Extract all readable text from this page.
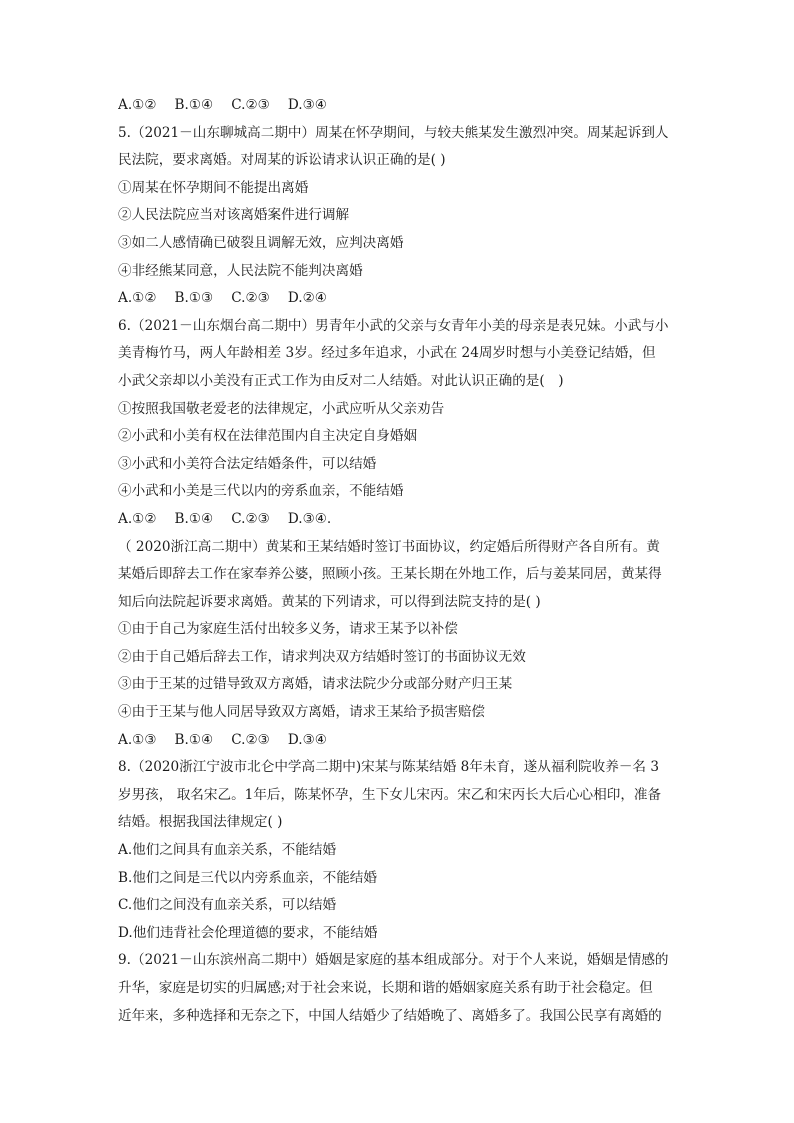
A.①② B.①④ C.②③ D.③④
5.（2021－山东聊城高二期中）周某在怀孕期间，与较夫熊某发生激烈冲突。周某起诉到人
民法院，要求离婚。对周某的诉讼请求认识正确的是( )
①周某在怀孕期间不能提出离婚
②人民法院应当对该离婚案件进行调解
③如二人感情确已破裂且调解无效，应判决离婚
④非经熊某同意，人民法院不能判决离婚
A.①② B.①③ C.②③ D.②④
6.（2021－山东烟台高二期中）男青年小武的父亲与女青年小美的母亲是表兄妹。小武与小
美青梅竹马，两人年龄相差 3岁。经过多年追求，小武在 24周岁时想与小美登记结婚，但
小武父亲却以小美没有正式工作为由反对二人结婚。对此认识正确的是(　)
①按照我国敬老爱老的法律规定，小武应听从父亲劝告
②小武和小美有权在法律范围内自主决定自身婚姻
③小武和小美符合法定结婚条件，可以结婚
④小武和小美是三代以内的旁系血亲，不能结婚
A.①② B.①④ C.②③ D.③④.
（ 2020浙江高二期中）黄某和王某结婚时签订书面协议，约定婚后所得财产各自所有。黄
某婚后即辞去工作在家奉养公婆，照顾小孩。王某长期在外地工作，后与姜某同居，黄某得
知后向法院起诉要求离婚。黄某的下列请求，可以得到法院支持的是( )
①由于自己为家庭生活付出较多义务，请求王某予以补偿
②由于自己婚后辞去工作，请求判决双方结婚时签订的书面协议无效
③由于王某的过错导致双方离婚，请求法院少分或部分财产归王某
④由于王某与他人同居导致双方离婚，请求王某给予损害赔偿
A.①③ B.①④ C.②③ D.③④
8.（2020浙江宁波市北仑中学高二期中)宋某与陈某结婚 8年未育，遂从福利院收养－名 3
岁男孩， 取名宋乙。1年后，陈某怀孕，生下女儿宋丙。宋乙和宋丙长大后心心相印，准备
结婚。根据我国法律规定( )
A.他们之间具有血亲关系，不能结婚
B.他们之间是三代以内旁系血亲，不能结婚
C.他们之间没有血亲关系，可以结婚
D.他们违背社会伦理道德的要求，不能结婚
9.（2021－山东滨州高二期中）婚姻是家庭的基本组成部分。对于个人来说，婚姻是情感的
升华，家庭是切实的归属感;对于社会来说，长期和谐的婚姻家庭关系有助于社会稳定。但
近年来，多种选择和无奈之下，中国人结婚少了结婚晚了、离婚多了。我国公民享有离婚的
